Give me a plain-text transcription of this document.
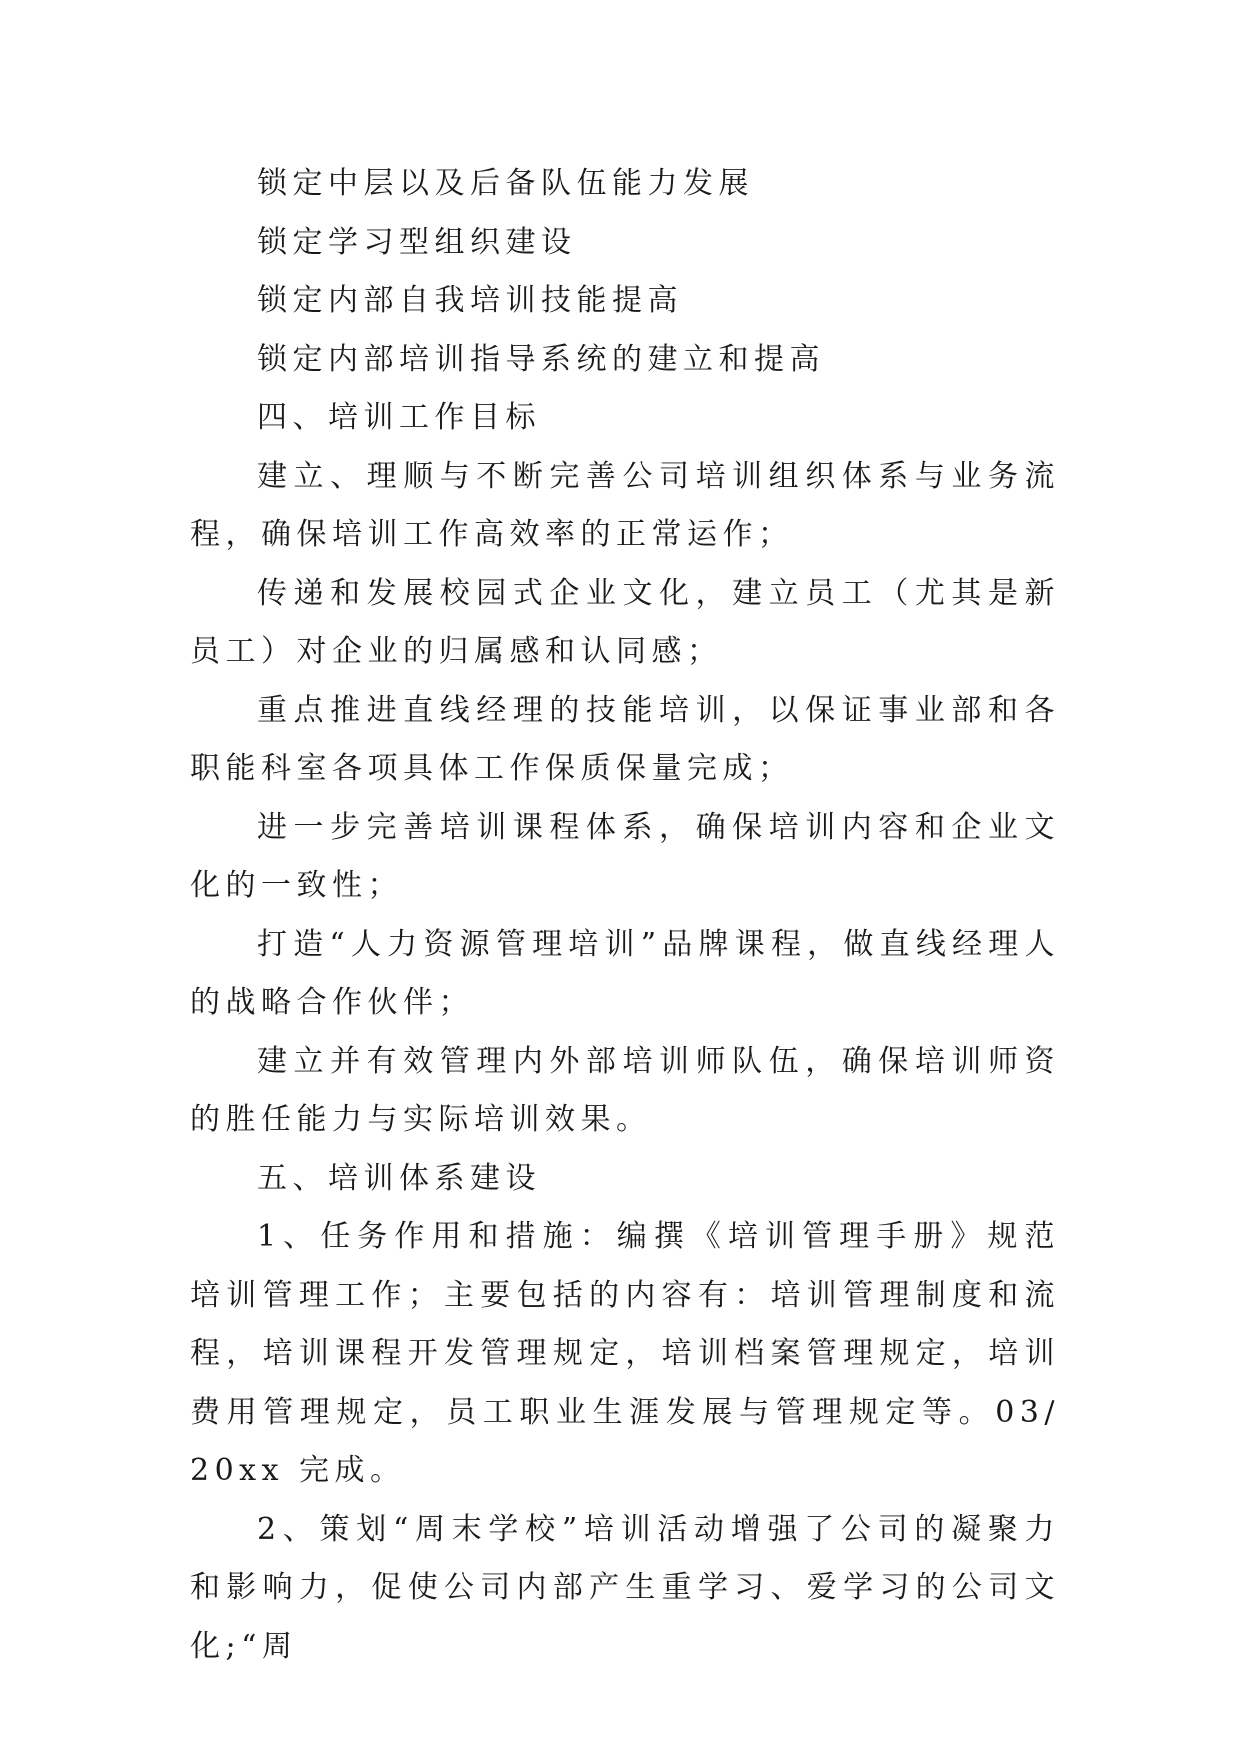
锁定中层以及后备队伍能力发展

锁定学习型组织建设

锁定内部自我培训技能提高

锁定内部培训指导系统的建立和提高

四、培训工作目标

建立、理顺与不断完善公司培训组织体系与业务流程，确保培训工作高效率的正常运作；

传递和发展校园式企业文化，建立员工（尤其是新员工）对企业的归属感和认同感；

重点推进直线经理的技能培训，以保证事业部和各职能科室各项具体工作保质保量完成；

进一步完善培训课程体系，确保培训内容和企业文化的一致性；

打造“人力资源管理培训”品牌课程，做直线经理人的战略合作伙伴；

建立并有效管理内外部培训师队伍，确保培训师资的胜任能力与实际培训效果。

五、培训体系建设

1、任务作用和措施：编撰《培训管理手册》规范培训管理工作；主要包括的内容有：培训管理制度和流程，培训课程开发管理规定，培训档案管理规定，培训费用管理规定，员工职业生涯发展与管理规定等。03/20xx 完成。

2、策划“周末学校”培训活动增强了公司的凝聚力和影响力，促使公司内部产生重学习、爱学习的公司文化;“周
